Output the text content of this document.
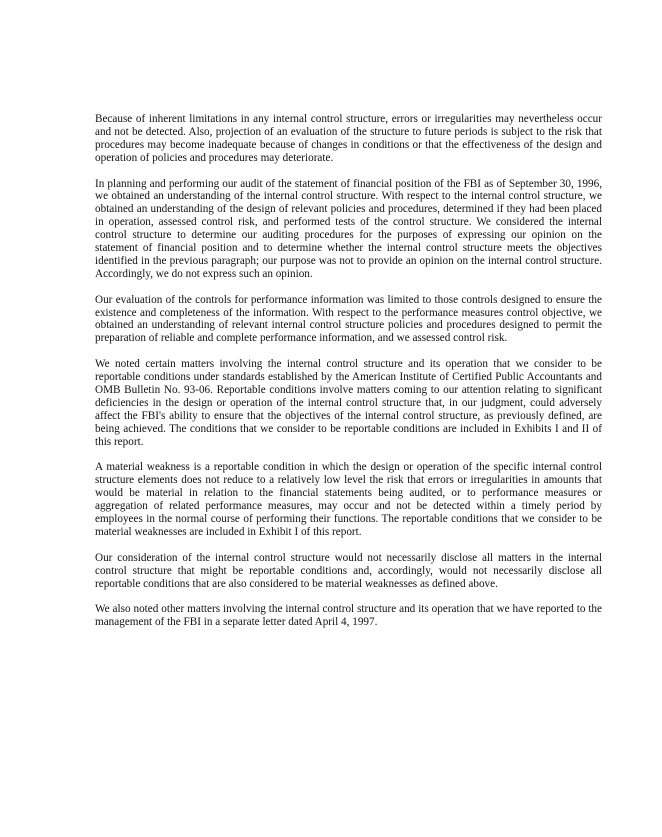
Because of inherent limitations in any internal control structure, errors or irregularities may nevertheless occur and not be detected. Also, projection of an evaluation of the structure to future periods is subject to the risk that procedures may become inadequate because of changes in conditions or that the effectiveness of the design and operation of policies and procedures may deteriorate.

In planning and performing our audit of the statement of financial position of the FBI as of September 30, 1996, we obtained an understanding of the internal control structure. With respect to the internal control structure, we obtained an understanding of the design of relevant policies and procedures, determined if they had been placed in operation, assessed control risk, and performed tests of the control structure. We considered the internal control structure to determine our auditing procedures for the purposes of expressing our opinion on the statement of financial position and to determine whether the internal control structure meets the objectives identified in the previous paragraph; our purpose was not to provide an opinion on the internal control structure. Accordingly, we do not express such an opinion.

Our evaluation of the controls for performance information was limited to those controls designed to ensure the existence and completeness of the information. With respect to the performance measures control objective, we obtained an understanding of relevant internal control structure policies and procedures designed to permit the preparation of reliable and complete performance information, and we assessed control risk.

We noted certain matters involving the internal control structure and its operation that we consider to be reportable conditions under standards established by the American Institute of Certified Public Accountants and OMB Bulletin No. 93-06. Reportable conditions involve matters coming to our attention relating to significant deficiencies in the design or operation of the internal control structure that, in our judgment, could adversely affect the FBI's ability to ensure that the objectives of the internal control structure, as previously defined, are being achieved. The conditions that we consider to be reportable conditions are included in Exhibits I and II of this report.

A material weakness is a reportable condition in which the design or operation of the specific internal control structure elements does not reduce to a relatively low level the risk that errors or irregularities in amounts that would be material in relation to the financial statements being audited, or to performance measures or aggregation of related performance measures, may occur and not be detected within a timely period by employees in the normal course of performing their functions. The reportable conditions that we consider to be material weaknesses are included in Exhibit I of this report.

Our consideration of the internal control structure would not necessarily disclose all matters in the internal control structure that might be reportable conditions and, accordingly, would not necessarily disclose all reportable conditions that are also considered to be material weaknesses as defined above.

We also noted other matters involving the internal control structure and its operation that we have reported to the management of the FBI in a separate letter dated April 4, 1997.
